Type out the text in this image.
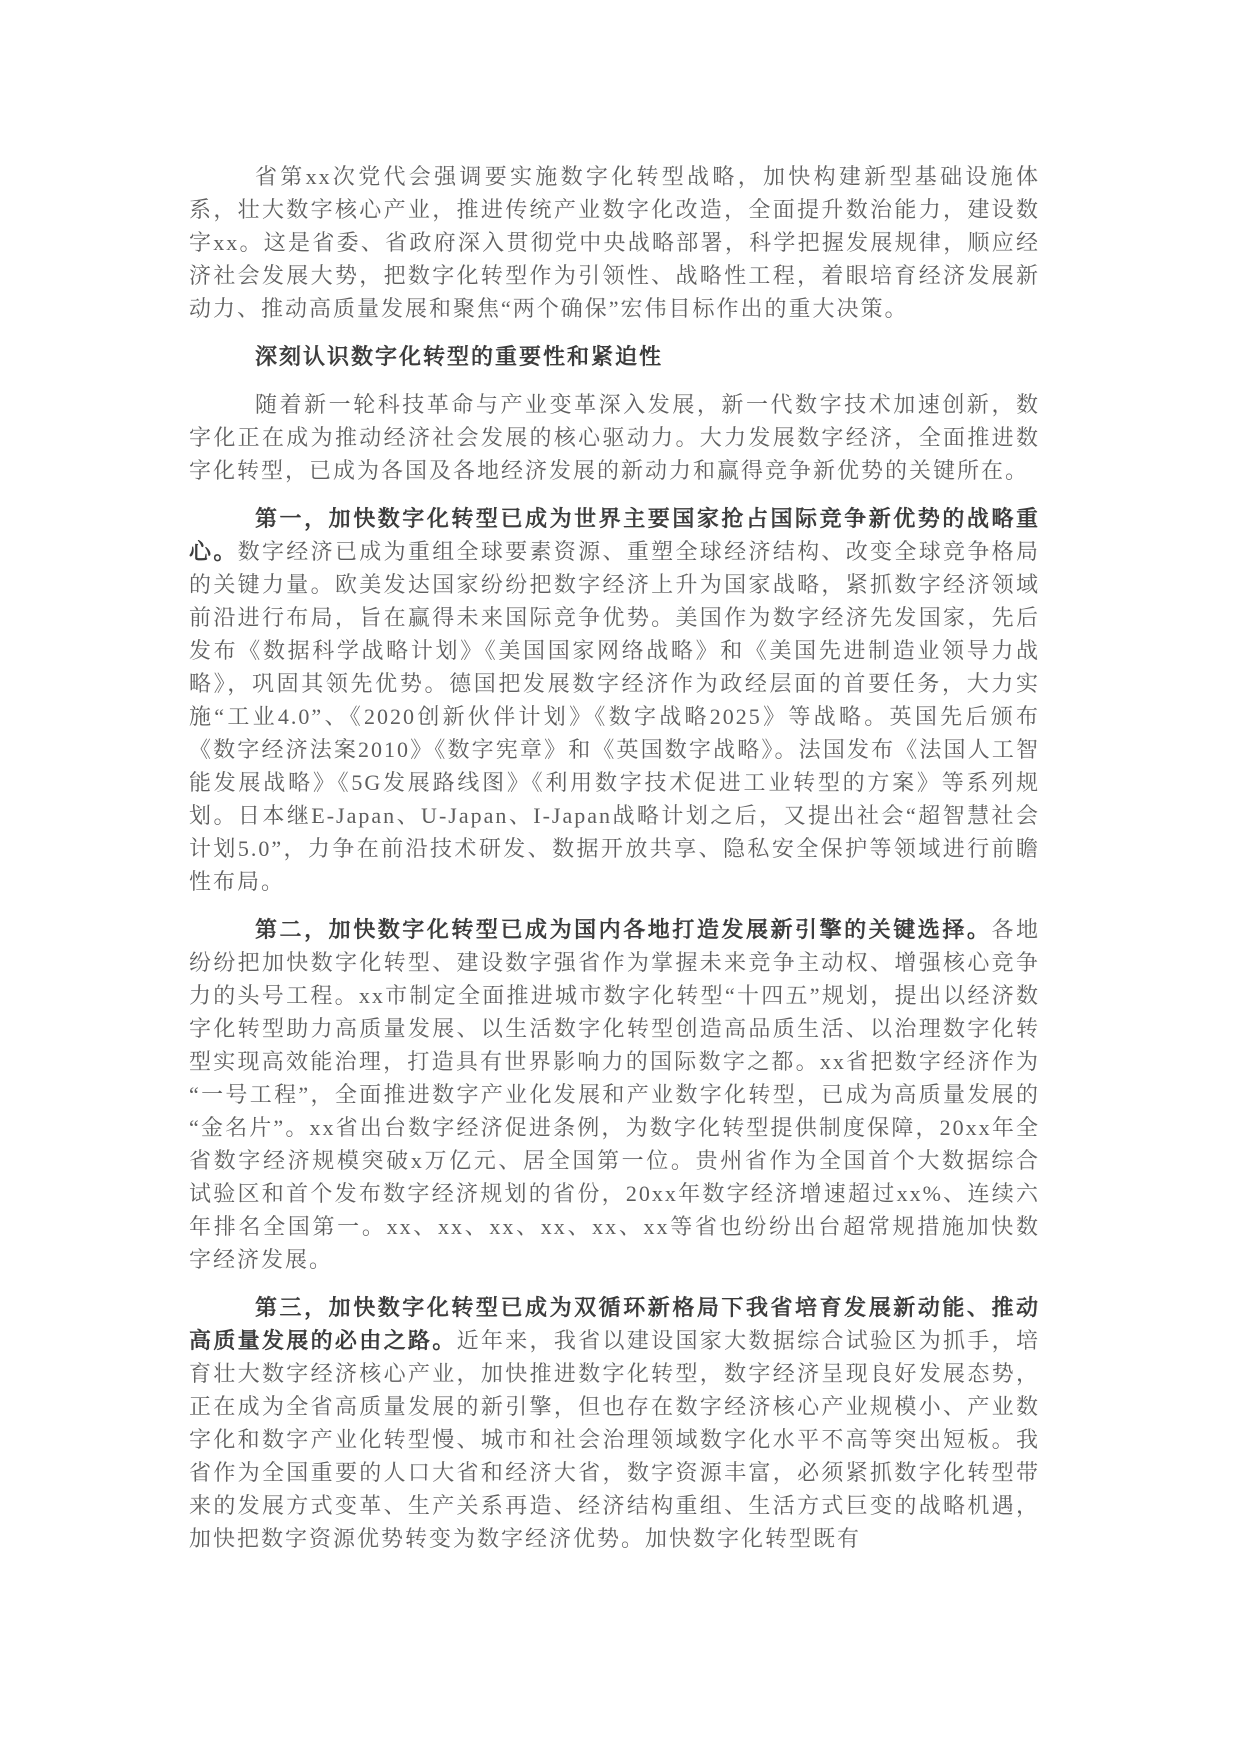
省第xx次党代会强调要实施数字化转型战略，加快构建新型基础设施体系，壮大数字核心产业，推进传统产业数字化改造，全面提升数治能力，建设数字xx。这是省委、省政府深入贯彻党中央战略部署，科学把握发展规律，顺应经济社会发展大势，把数字化转型作为引领性、战略性工程，着眼培育经济发展新动力、推动高质量发展和聚焦“两个确保”宏伟目标作出的重大决策。

深刻认识数字化转型的重要性和紧迫性

随着新一轮科技革命与产业变革深入发展，新一代数字技术加速创新，数字化正在成为推动经济社会发展的核心驱动力。大力发展数字经济，全面推进数字化转型，已成为各国及各地经济发展的新动力和赢得竞争新优势的关键所在。

第一，加快数字化转型已成为世界主要国家抢占国际竞争新优势的战略重心。数字经济已成为重组全球要素资源、重塑全球经济结构、改变全球竞争格局的关键力量。欧美发达国家纷纷把数字经济上升为国家战略，紧抓数字经济领域前沿进行布局，旨在赢得未来国际竞争优势。美国作为数字经济先发国家，先后发布《数据科学战略计划》《美国国家网络战略》和《美国先进制造业领导力战略》，巩固其领先优势。德国把发展数字经济作为政经层面的首要任务，大力实施“工业4.0”、《2020创新伙伴计划》《数字战略2025》等战略。英国先后颁布《数字经济法案2010》《数字宪章》和《英国数字战略》。法国发布《法国人工智能发展战略》《5G发展路线图》《利用数字技术促进工业转型的方案》等系列规划。日本继E-Japan、U-Japan、I-Japan战略计划之后，又提出社会“超智慧社会计划5.0”，力争在前沿技术研发、数据开放共享、隐私安全保护等领域进行前瞻性布局。

第二，加快数字化转型已成为国内各地打造发展新引擎的关键选择。各地纷纷把加快数字化转型、建设数字强省作为掌握未来竞争主动权、增强核心竞争力的头号工程。xx市制定全面推进城市数字化转型“十四五”规划，提出以经济数字化转型助力高质量发展、以生活数字化转型创造高品质生活、以治理数字化转型实现高效能治理，打造具有世界影响力的国际数字之都。xx省把数字经济作为“一号工程”，全面推进数字产业化发展和产业数字化转型，已成为高质量发展的“金名片”。xx省出台数字经济促进条例，为数字化转型提供制度保障，20xx年全省数字经济规模突破x万亿元、居全国第一位。贵州省作为全国首个大数据综合试验区和首个发布数字经济规划的省份，20xx年数字经济增速超过xx%、连续六年排名全国第一。xx、xx、xx、xx、xx、xx等省也纷纷出台超常规措施加快数字经济发展。

第三，加快数字化转型已成为双循环新格局下我省培育发展新动能、推动高质量发展的必由之路。近年来，我省以建设国家大数据综合试验区为抓手，培育壮大数字经济核心产业，加快推进数字化转型，数字经济呈现良好发展态势，正在成为全省高质量发展的新引擎，但也存在数字经济核心产业规模小、产业数字化和数字产业化转型慢、城市和社会治理领域数字化水平不高等突出短板。我省作为全国重要的人口大省和经济大省，数字资源丰富，必须紧抓数字化转型带来的发展方式变革、生产关系再造、经济结构重组、生活方式巨变的战略机遇，加快把数字资源优势转变为数字经济优势。加快数字化转型既有
